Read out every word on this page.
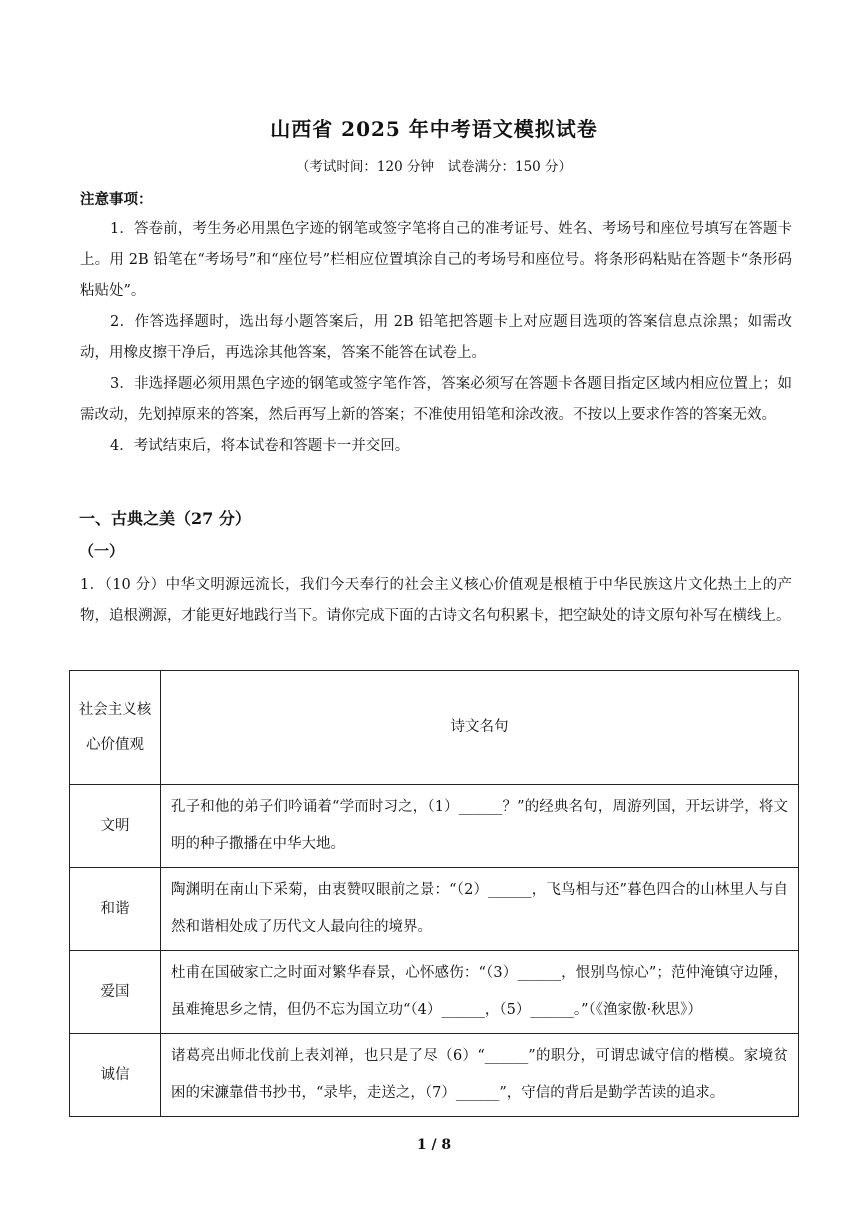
山西省 2025 年中考语文模拟试卷
（考试时间：120 分钟　试卷满分：150 分）
注意事项：

1．答卷前，考生务必用黑色字迹的钢笔或签字笔将自己的准考证号、姓名、考场号和座位号填写在答题卡上。用 2B 铅笔在“考场号”和“座位号”栏相应位置填涂自己的考场号和座位号。将条形码粘贴在答题卡“条形码粘贴处”。

2．作答选择题时，选出每小题答案后，用 2B 铅笔把答题卡上对应题目选项的答案信息点涂黑；如需改动，用橡皮擦干净后，再选涂其他答案，答案不能答在试卷上。

3．非选择题必须用黑色字迹的钢笔或签字笔作答，答案必须写在答题卡各题目指定区域内相应位置上；如需改动，先划掉原来的答案，然后再写上新的答案；不准使用铅笔和涂改液。不按以上要求作答的答案无效。

4．考试结束后，将本试卷和答题卡一并交回。

一、古典之美（27 分）
（一）

1．（10 分）中华文明源远流长，我们今天奉行的社会主义核心价值观是根植于中华民族这片文化热土上的产物，追根溯源，才能更好地践行当下。请你完成下面的古诗文名句积累卡，把空缺处的诗文原句补写在横线上。

社会主义核心价值观	诗文名句
文明	孔子和他的弟子们吟诵着“学而时习之，（1）______？”的经典名句，周游列国，开坛讲学，将文明的种子撒播在中华大地。
和谐	陶渊明在南山下采菊，由衷赞叹眼前之景：“（2）______，飞鸟相与还”暮色四合的山林里人与自然和谐相处成了历代文人最向往的境界。
爱国	杜甫在国破家亡之时面对繁华春景，心怀感伤：“（3）______，恨别鸟惊心”；范仲淹镇守边陲，虽难掩思乡之情，但仍不忘为国立功“（4）______，（5）______。”（《渔家傲·秋思》）
诚信	诸葛亮出师北伐前上表刘禅，也只是了尽（6）“______”的职分，可谓忠诚守信的楷模。家境贫困的宋濂靠借书抄书，“录毕，走送之，（7）______”，守信的背后是勤学苦读的追求。
1 / 8
